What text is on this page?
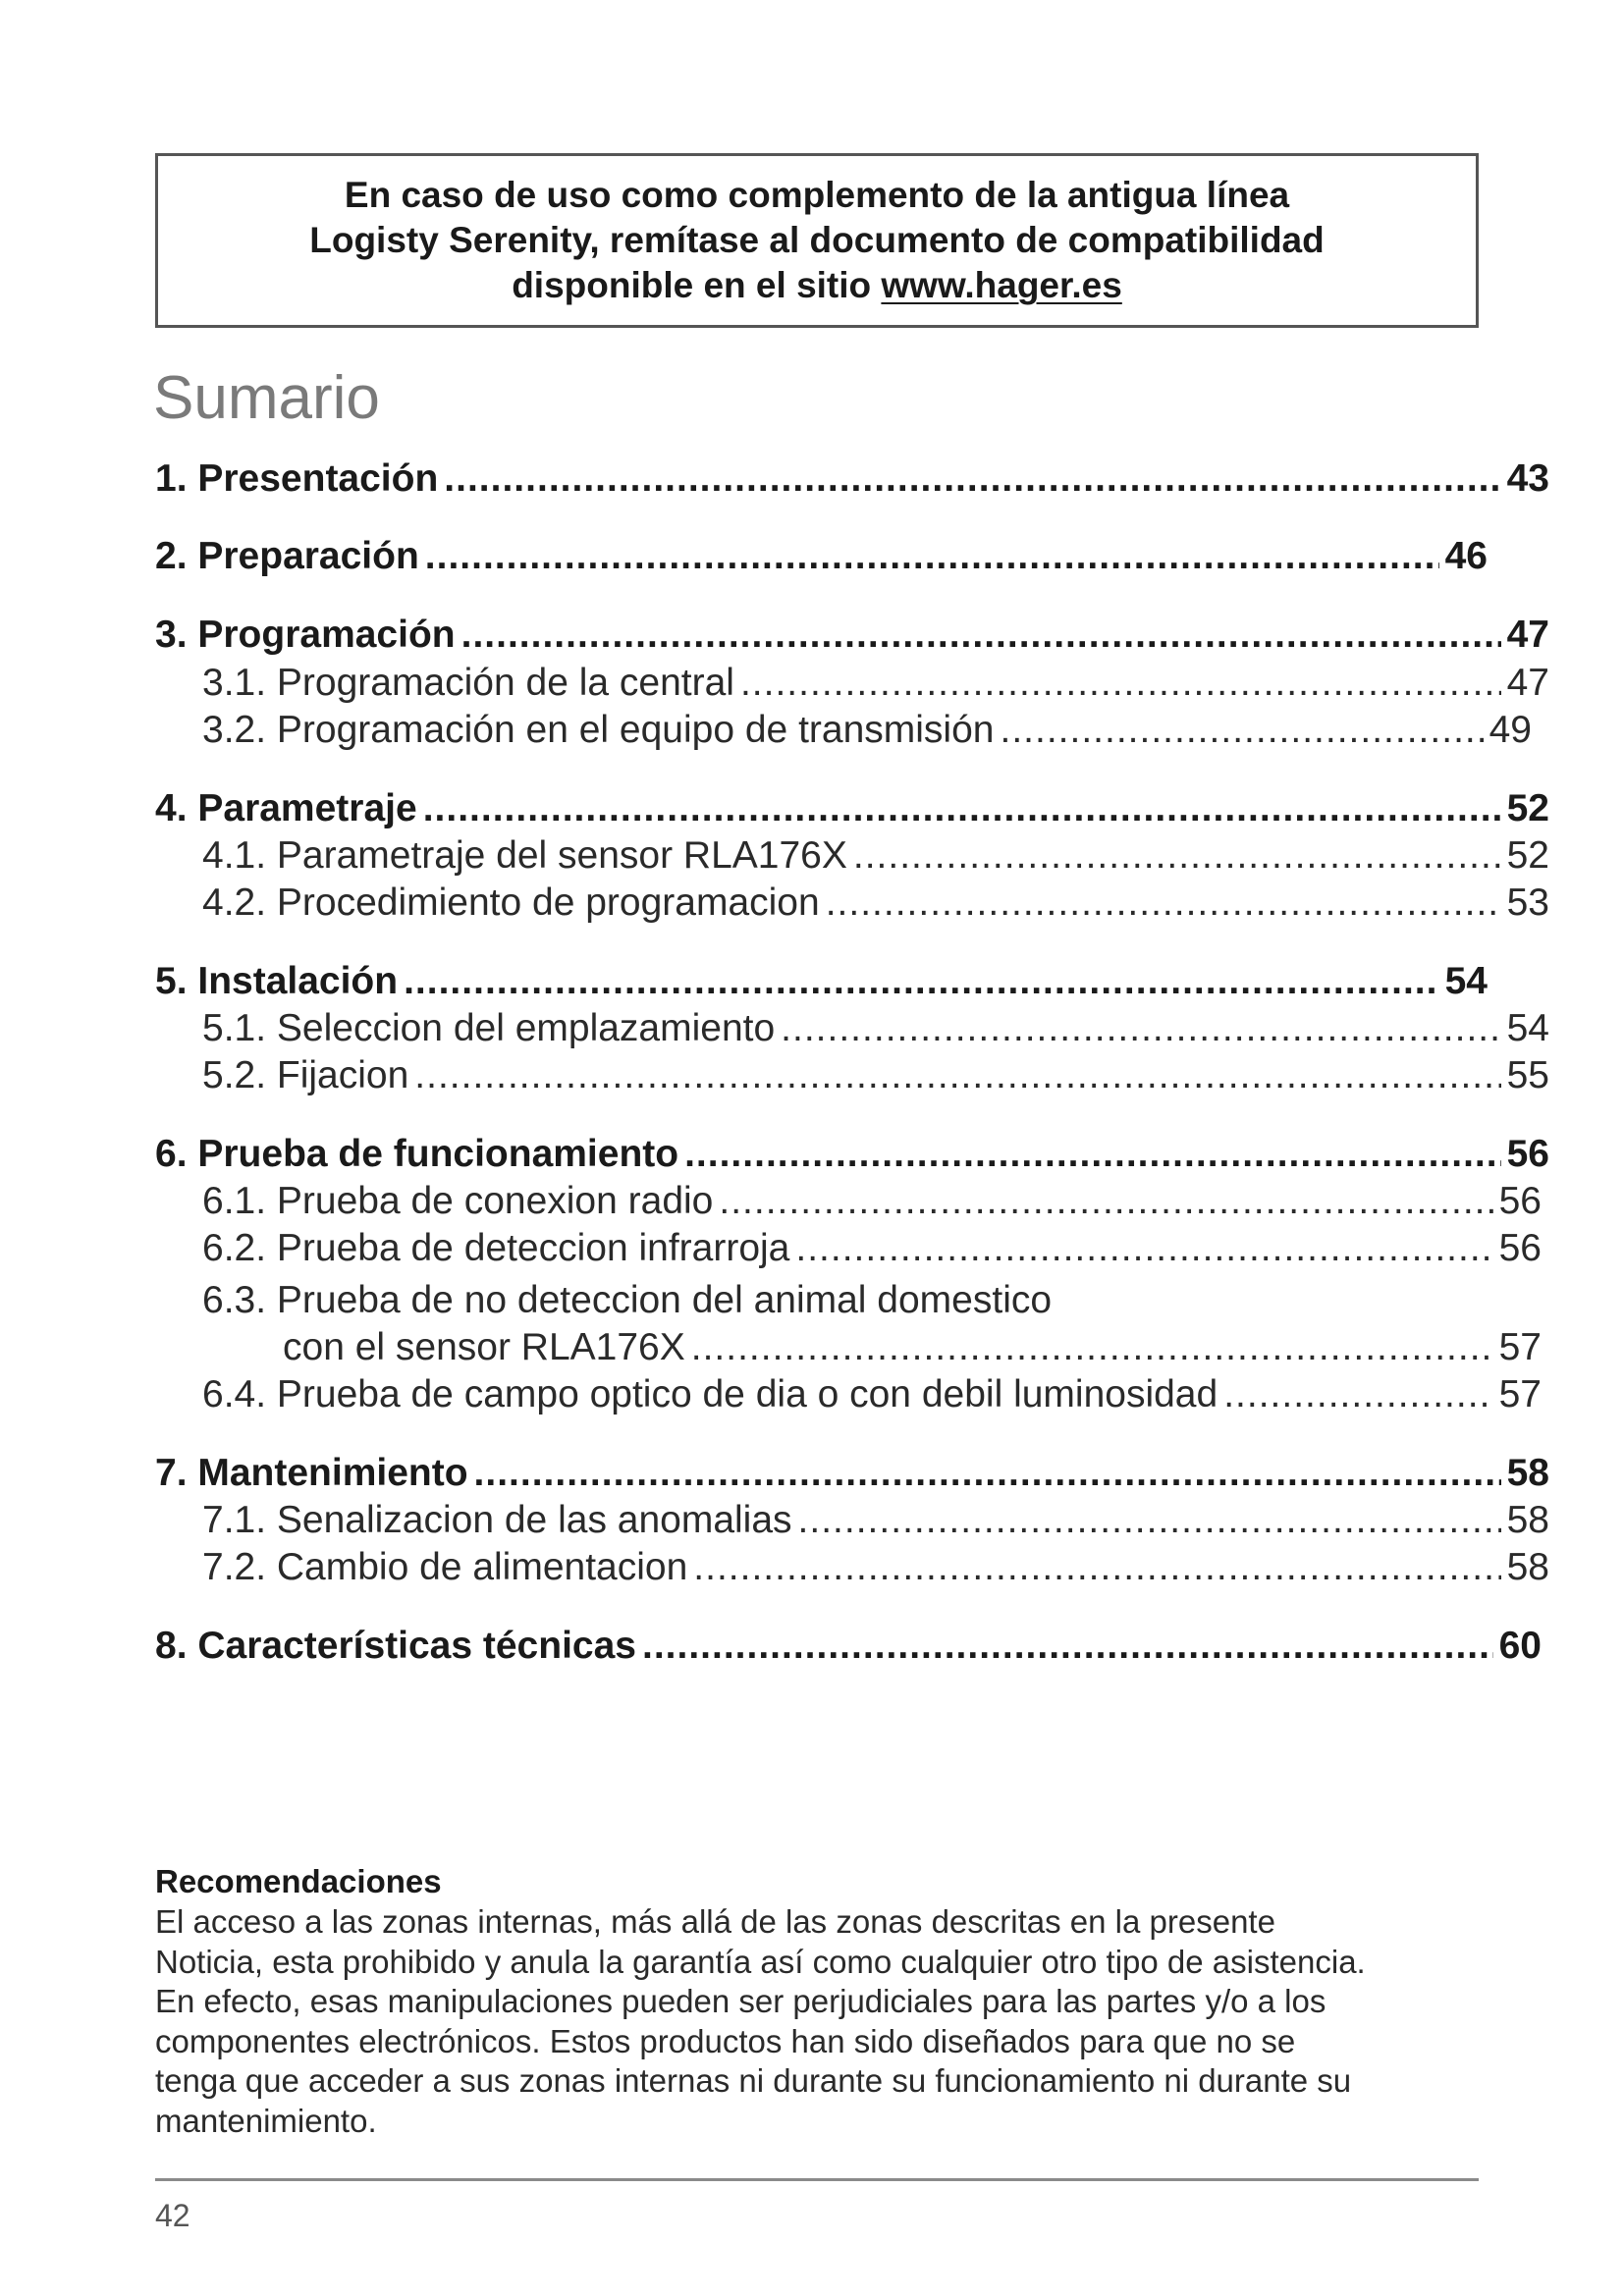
En caso de uso como complemento de la antigua línea
Logisty Serenity, remítase al documento de compatibilidad
disponible en el sitio www.hager.es
Sumario
1. Presentación .....	43
2. Preparación .....	46
3. Programación .....	47
3.1. Programación de la central .....	47
3.2. Programación en el equipo de transmisión .....	49
4. Parametraje .....	52
4.1. Parametraje del sensor RLA176X .....	52
4.2. Procedimiento de programacion .....	53
5. Instalación .....	54
5.1. Seleccion del emplazamiento .....	54
5.2. Fijacion .....	55
6. Prueba de funcionamiento .....	56
6.1. Prueba de conexion radio .....	56
6.2. Prueba de deteccion infrarroja .....	56
6.3. Prueba de no deteccion del animal domestico
con el sensor RLA176X .....	57
6.4. Prueba de campo optico de dia o con debil luminosidad .....	57
7. Mantenimiento .....	58
7.1. Senalizacion de las anomalias .....	58
7.2. Cambio de alimentacion .....	58
8. Características técnicas .....	60
Recomendaciones
El acceso a las zonas internas, más allá de las zonas descritas en la presente
Noticia, esta prohibido y anula la garantía así como cualquier otro tipo de asistencia.
En efecto, esas manipulaciones pueden ser perjudiciales para las partes y/o a los
componentes electrónicos. Estos productos han sido diseñados para que no se
tenga que acceder a sus zonas internas ni durante su funcionamiento ni durante su
mantenimiento.
42
